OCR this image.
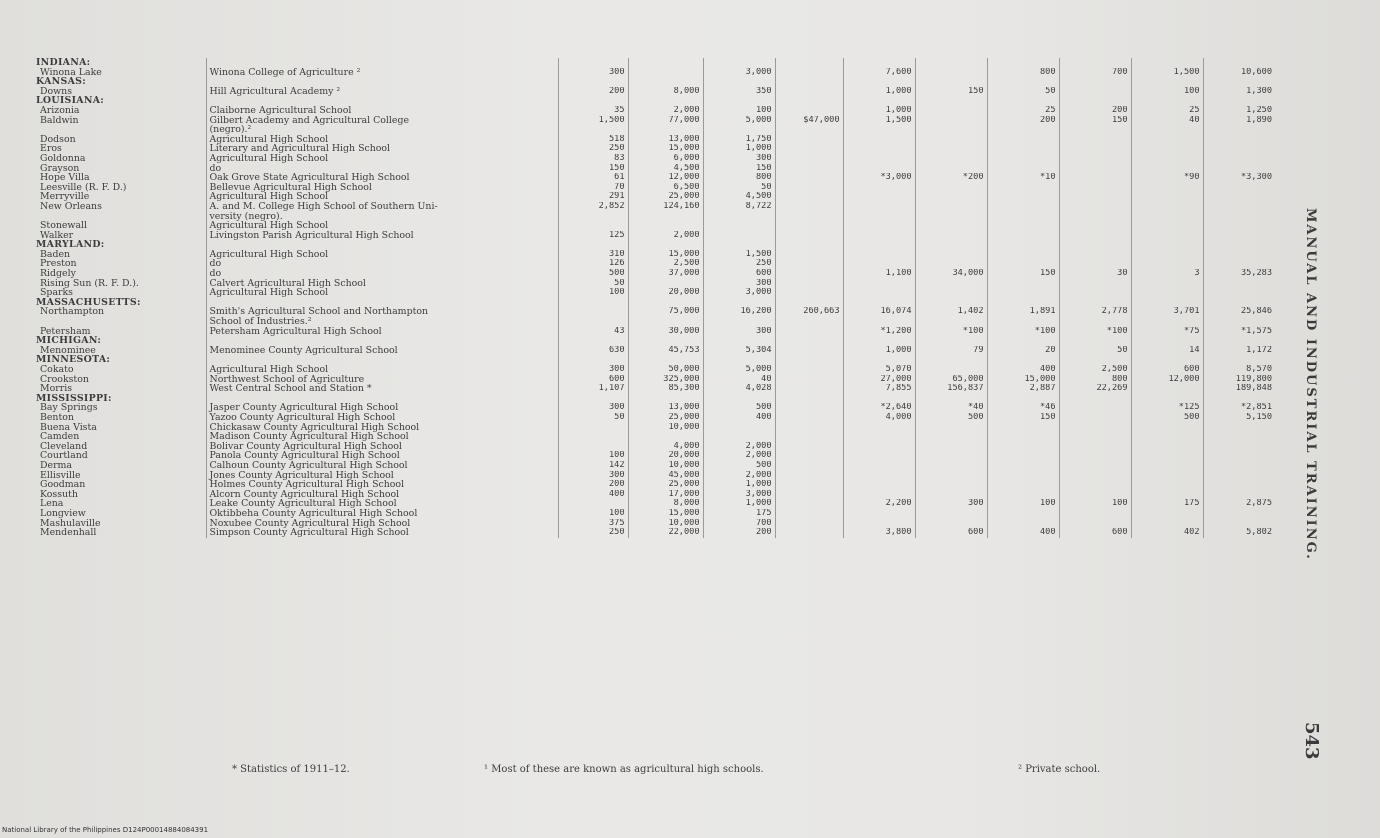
INDIANA:											
Winona Lake	Winona College of Agriculture ²	300		3,000		7,600		800	700	1,500	10,600
KANSAS:											
Downs	Hill Agricultural Academy ²	200	8,000	350		1,000	150	50		100	1,300
LOUISIANA:											
Arizonia	Claiborne Agricultural School	35	2,000	100		1,000		25	200	25	1,250
Baldwin	Gilbert Academy and Agricultural College	1,500	77,000	5,000	$47,000	1,500		200	150	40	1,890
	(negro).²										
Dodson	Agricultural High School	518	13,000	1,750							
Eros	Literary and Agricultural High School	250	15,000	1,000							
Goldonna	Agricultural High School	83	6,000	300							
Grayson	do	150	4,500	150							
Hope Villa	Oak Grove State Agricultural High School	61	12,000	800		*3,000	*200	*10		*90	*3,300
Leesville (R. F. D.)	Bellevue Agricultural High School	70	6,500	50							
Merryville	Agricultural High School	291	25,000	4,500							
New Orleans	A. and M. College High School of Southern Uni-	2,852	124,160	8,722							
	versity (negro).										
Stonewall	Agricultural High School										
Walker	Livingston Parish Agricultural High School	125	2,000								
MARYLAND:											
Baden	Agricultural High School	310	15,000	1,500							
Preston	do	126	2,500	250							
Ridgely	do	500	37,000	600		1,100	34,000	150	30	3	35,283
Rising Sun (R. F. D.).	Calvert Agricultural High School	50		300							
Sparks	Agricultural High School	100	20,000	3,000							
MASSACHUSETTS:											
Northampton	Smith's Agricultural School and Northampton		75,000	16,200	260,663	16,074	1,402	1,891	2,778	3,701	25,846
	School of Industries.²										
Petersham	Petersham Agricultural High School	43	30,000	300		*1,200	*100	*100	*100	*75	*1,575
MICHIGAN:											
Menominee	Menominee County Agricultural School	630	45,753	5,304		1,000	79	20	50	14	1,172
MINNESOTA:											
Cokato	Agricultural High School	300	50,000	5,000		5,070		400	2,500	600	8,570
Crookston	Northwest School of Agriculture	600	325,000	40		27,000	65,000	15,000	800	12,000	119,800
Morris	West Central School and Station *	1,107	85,300	4,028		7,855	156,837	2,887	22,269		189,848
MISSISSIPPI:											
Bay Springs	Jasper County Agricultural High School	300	13,000	500		*2,640	*40	*46		*125	*2,851
Benton	Yazoo County Agricultural High School	50	25,000	400		4,000	500	150		500	5,150
Buena Vista	Chickasaw County Agricultural High School		10,000								
Camden	Madison County Agricultural High School										
Cleveland	Bolivar County Agricultural High School		4,000	2,000							
Courtland	Panola County Agricultural High School	100	20,000	2,000							
Derma	Calhoun County Agricultural High School	142	10,000	500							
Ellisville	Jones County Agricultural High School	300	45,000	2,000							
Goodman	Holmes County Agricultural High School	200	25,000	1,000							
Kossuth	Alcorn County Agricultural High School	400	17,000	3,000							
Lena	Leake County Agricultural High School		8,000	1,000		2,200	300	100	100	175	2,875
Longview	Oktibbeha County Agricultural High School	100	15,000	175							
Mashulaville	Noxubee County Agricultural High School	375	10,000	700							
Mendenhall	Simpson County Agricultural High School	250	22,000	200		3,800	600	400	600	402	5,802
* Statistics of 1911–12.	¹ Most of these are known as agricultural high schools.	² Private school.
MANUAL AND INDUSTRIAL TRAINING.
543
National Library of the Philippines D124P00014884084391
